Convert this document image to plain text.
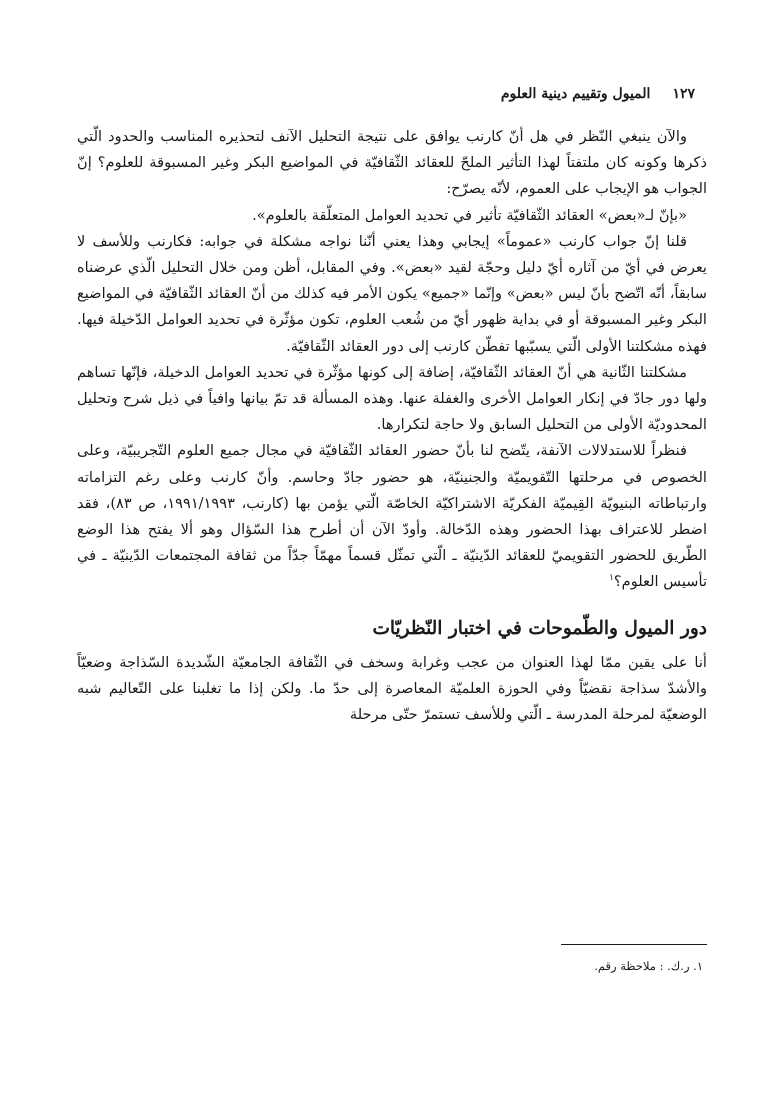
١٢٧
الميول وتقييم دينية العلوم

والآن ينبغي النّظر في هل أنّ كارنب يوافق على نتيجة التحليل الآنف لتحذيره المناسب والحدود الّتي ذكرها وكونه كان ملتفتاً لهذا التأثير الملحّ للعقائد الثّقافيّة في المواضيع البكر وغير المسبوقة للعلوم؟ إنّ الجواب هو الإيجاب على العموم، لأنّه يصرّح:

«بإنّ لـ«بعض» العقائد الثّقافيّة تأثير في تحديد العوامل المتعلّقة بالعلوم».

قلنا إنّ جواب كارنب «عموماً» إيجابي وهذا يعني أنّنا نواجه مشكلة في جوابه: فكارنب وللأسف لا يعرض في أيّ من آثاره أيّ دليل وحجّة لقيد «بعض». وفي المقابل، أظن ومن خلال التحليل الّذي عرضناه سابقاً، أنّه اتّضح بأنّ ليس «بعض» وإنّما «جميع» يكون الأمر فيه كذلك من أنّ العقائد الثّقافيّة في المواضيع البكر وغير المسبوقة أو في بداية ظهور أيّ من شُعب العلوم، تكون مؤثّرة في تحديد العوامل الدّخيلة فيها. فهذه مشكلتنا الأولى الّتي يسبّبها تفطّن كارنب إلى دور العقائد الثّقافيّة.

مشكلتنا الثّانية هي أنّ العقائد الثّقافيّة، إضافة إلى كونها مؤثّرة في تحديد العوامل الدخيلة، فإنّها تساهم ولها دور جادّ في إنكار العوامل الأخرى والغفلة عنها. وهذه المسألة قد تمّ بيانها وافياً في ذيل شرح وتحليل المحدوديّة الأولى من التحليل السابق ولا حاجة لتكرارها.

فنظراً للاستدلالات الآنفة، يتّضح لنا بأنّ حضور العقائد الثّقافيّة في مجال جميع العلوم التّجريبيّة، وعلى الخصوص في مرحلتها التّقويميّة والجنينيّة، هو حضور جادّ وحاسم. وأنّ كارنب وعلى رغم التزاماته وارتباطاته البنيويّة القِيميّة الفكريّة الاشتراكيّة الخاصّة الّتي يؤمن بها (كارنب، ١٩٩١/١٩٩٣، ص ٨٣)، فقد اضطر للاعتراف بهذا الحضور وهذه الدّخالة. وأودّ الآن أن أطرح هذا السّؤال وهو ألا يفتح هذا الوضع الطّريق للحضور التقويميّ للعقائد الدّينيّة ـ الّتي تمثّل قسماً مهمّاً جدّاً من ثقافة المجتمعات الدّينيّة ـ في تأسيس العلوم؟$^١$

دور الميول والطّموحات في اختبار النّظريّات

أنا على يقين ممّا لهذا العنوان من عجب وغرابة وسخف في الثّقافة الجامعيّة الشّديدة السّذاجة وضعيّاً والأشدّ سذاجة نقضيّاً وفي الحوزة العلميّة المعاصرة إلى حدّ ما. ولكن إذا ما تغلبنا على التّعاليم شبه الوضعيّة لمرحلة المدرسة ـ الّتي وللأسف تستمرّ حتّى مرحلة

١. ر.ك. : ملاحظة رقم.
